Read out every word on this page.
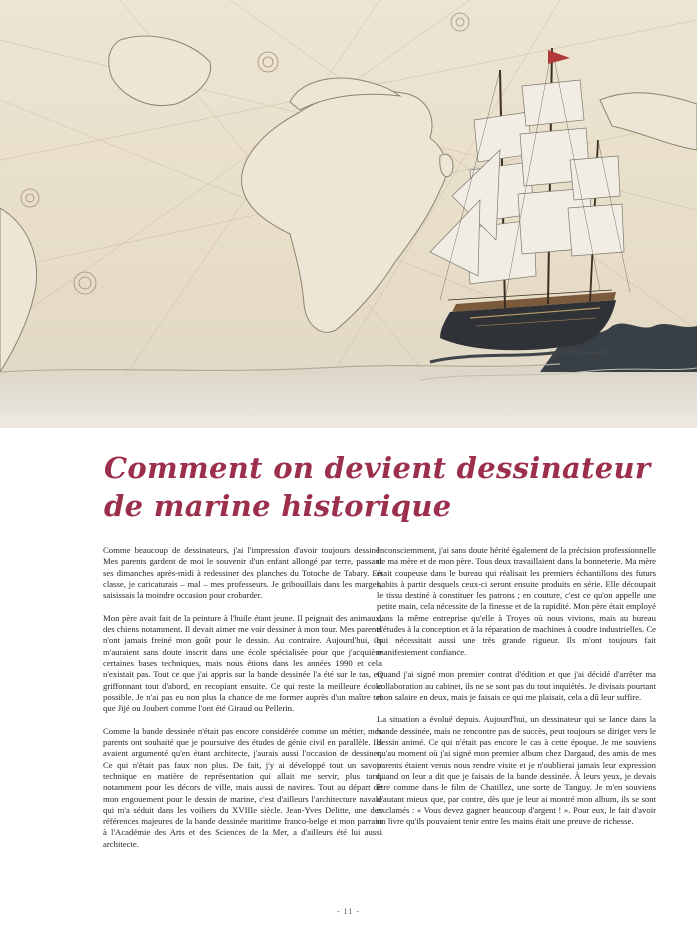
Comment on devient dessinateur
de marine historique

Comme beaucoup de dessinateurs, j'ai l'impression d'avoir toujours dessiné. Mes parents gardent de moi le souvenir d'un enfant allongé par terre, passant ses dimanches après-midi à redessiner des planches du Totoche de Tabary. En classe, je caricaturais – mal – mes professeurs. Je gribouillais dans les marges, saisissais la moindre occasion pour crobarder.

Mon père avait fait de la peinture à l'huile étant jeune. Il peignait des animaux, des chiens notamment. Il devait aimer me voir dessiner à mon tour. Mes parents n'ont jamais freiné mon goût pour le dessin. Au contraire. Aujourd'hui, ils m'auraient sans doute inscrit dans une école spécialisée pour que j'acquière certaines bases techniques, mais nous étions dans les années 1990 et cela n'existait pas. Tout ce que j'ai appris sur la bande dessinée l'a été sur le tas, en griffonnant tout d'abord, en recopiant ensuite. Ce qui reste la meilleure école possible. Je n'ai pas eu non plus la chance de me former auprès d'un maître tel que Jijé ou Joubert comme l'ont été Giraud ou Pellerin.

Comme la bande dessinée n'était pas encore considérée comme un métier, mes parents ont souhaité que je poursuive des études de génie civil en parallèle. Ils avaient argumenté qu'en étant architecte, j'aurais aussi l'occasion de dessiner. Ce qui n'était pas faux non plus. De fait, j'y ai développé tout un savoir technique en matière de représentation qui allait me servir, plus tard, notamment pour les décors de ville, mais aussi de navires. Tout au départ de mon engouement pour le dessin de marine, c'est d'ailleurs l'architecture navale qui m'a séduit dans les voiliers du XVIIIe siècle. Jean-Yves Delitte, une des références majeures de la bande dessinée maritime franco-belge et mon parrain à l'Académie des Arts et des Sciences de la Mer, a d'ailleurs été lui aussi architecte.

Inconsciemment, j'ai sans doute hérité également de la précision professionnelle de ma mère et de mon père. Tous deux travaillaient dans la bonneterie. Ma mère était coupeuse dans le bureau qui réalisait les premiers échantillons des futurs habits à partir desquels ceux-ci seront ensuite produits en série. Elle découpait le tissu destiné à constituer les patrons ; en couture, c'est ce qu'on appelle une petite main, cela nécessite de la finesse et de la rapidité. Mon père était employé dans la même entreprise qu'elle à Troyes où nous vivions, mais au bureau d'études à la conception et à la réparation de machines à coudre industrielles. Ce qui nécessitait aussi une très grande rigueur. Ils m'ont toujours fait manifestement confiance.

Quand j'ai signé mon premier contrat d'édition et que j'ai décidé d'arrêter ma collaboration au cabinet, ils ne se sont pas du tout inquiétés. Je divisais pourtant mon salaire en deux, mais je faisais ce qui me plaisait, cela a dû leur suffire.

La situation a évolué depuis. Aujourd'hui, un dessinateur qui se lance dans la bande dessinée, mais ne rencontre pas de succès, peut toujours se diriger vers le dessin animé. Ce qui n'était pas encore le cas à cette époque. Je me souviens qu'au moment où j'ai signé mon premier album chez Dargaud, des amis de mes parents étaient venus nous rendre visite et je n'oublierai jamais leur expression quand on leur a dit que je faisais de la bande dessinée. À leurs yeux, je devais être comme dans le film de Chatillez, une sorte de Tanguy. Je m'en souviens d'autant mieux que, par contre, dès que je leur ai montré mon album, ils se sont exclamés : « Vous devez gagner beaucoup d'argent ! ». Pour eux, le fait d'avoir un livre qu'ils pouvaient tenir entre les mains était une preuve de richesse.

- 11 -
